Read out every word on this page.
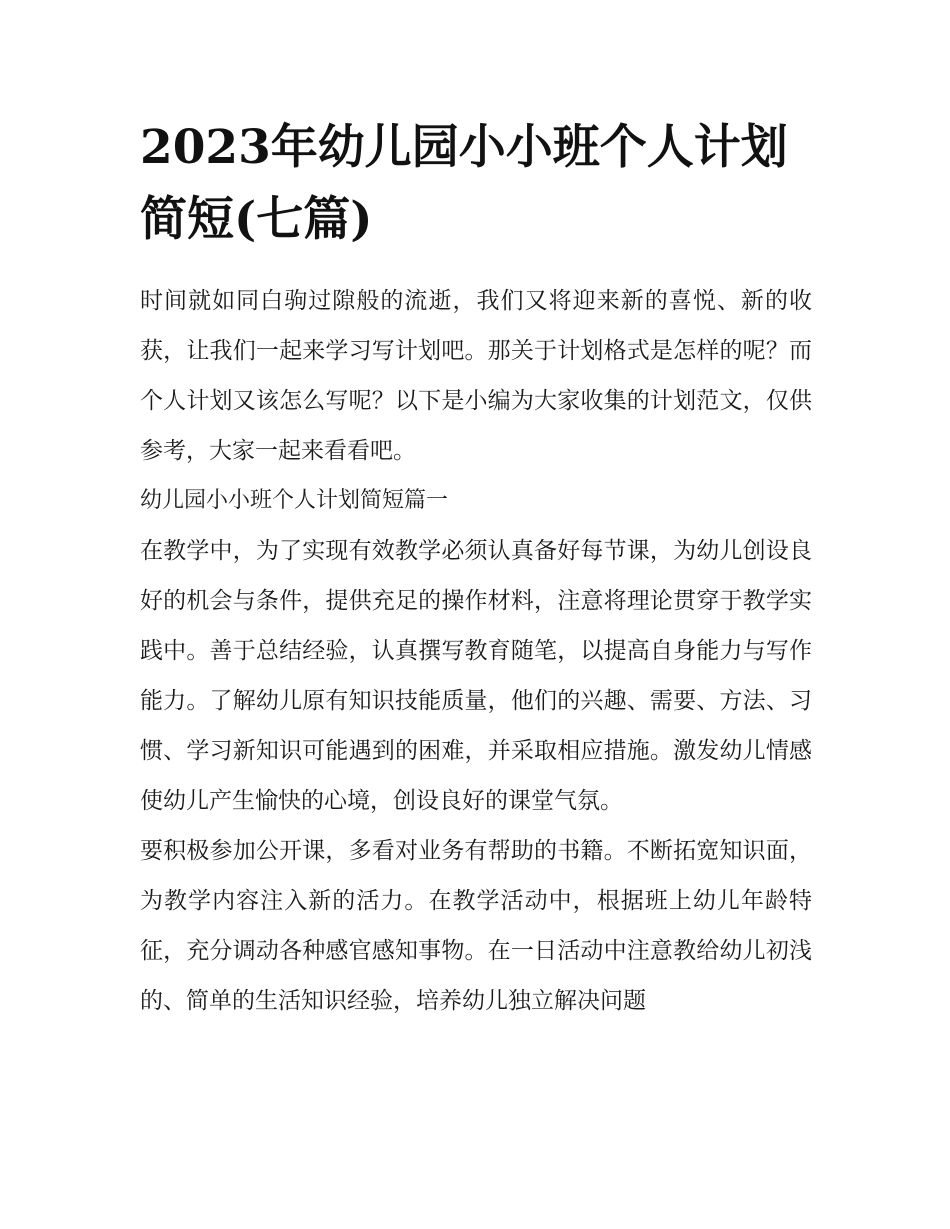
2023年幼儿园小小班个人计划简短(七篇)

时间就如同白驹过隙般的流逝，我们又将迎来新的喜悦、新的收获，让我们一起来学习写计划吧。那关于计划格式是怎样的呢？而个人计划又该怎么写呢？以下是小编为大家收集的计划范文，仅供参考，大家一起来看看吧。

幼儿园小小班个人计划简短篇一

在教学中，为了实现有效教学必须认真备好每节课，为幼儿创设良好的机会与条件，提供充足的操作材料，注意将理论贯穿于教学实践中。善于总结经验，认真撰写教育随笔，以提高自身能力与写作能力。了解幼儿原有知识技能质量，他们的兴趣、需要、方法、习惯、学习新知识可能遇到的困难，并采取相应措施。激发幼儿情感使幼儿产生愉快的心境，创设良好的课堂气氛。

要积极参加公开课，多看对业务有帮助的书籍。不断拓宽知识面，为教学内容注入新的活力。在教学活动中，根据班上幼儿年龄特征，充分调动各种感官感知事物。在一日活动中注意教给幼儿初浅的、简单的生活知识经验，培养幼儿独立解决问题
